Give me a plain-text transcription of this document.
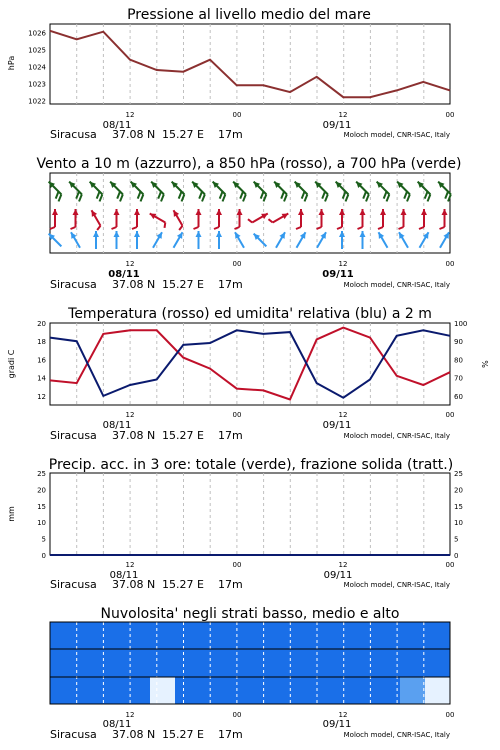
Pressione al livello medio del mare
hPa
1026
1025
1024
1023
1022
12	00	12	00
08/11	09/11
Siracusa 37.08 N 15.27 E 17m	Moloch model, CNR-ISAC, Italy
Vento a 10 m (azzurro), a 850 hPa (rosso), a 700 hPa (verde)
12	00	12	00
08/11	09/11
Siracusa 37.08 N 15.27 E 17m	Moloch model, CNR-ISAC, Italy
Temperatura (rosso) ed umidita' relativa (blu) a 2 m
gradi C	%
20
18
16
14
12
100
90
80
70
60
12	00	12	00
08/11	09/11
Siracusa 37.08 N 15.27 E 17m	Moloch model, CNR-ISAC, Italy
Precip. acc. in 3 ore: totale (verde), frazione solida (tratt.)
mm
25
20
15
10
5
0
25
20
15
10
5
0
12	00	12	00
08/11	09/11
Siracusa 37.08 N 15.27 E 17m	Moloch model, CNR-ISAC, Italy
Nuvolosita' negli strati basso, medio e alto
12	00	12	00
08/11	09/11
Siracusa 37.08 N 15.27 E 17m	Moloch model, CNR-ISAC, Italy
